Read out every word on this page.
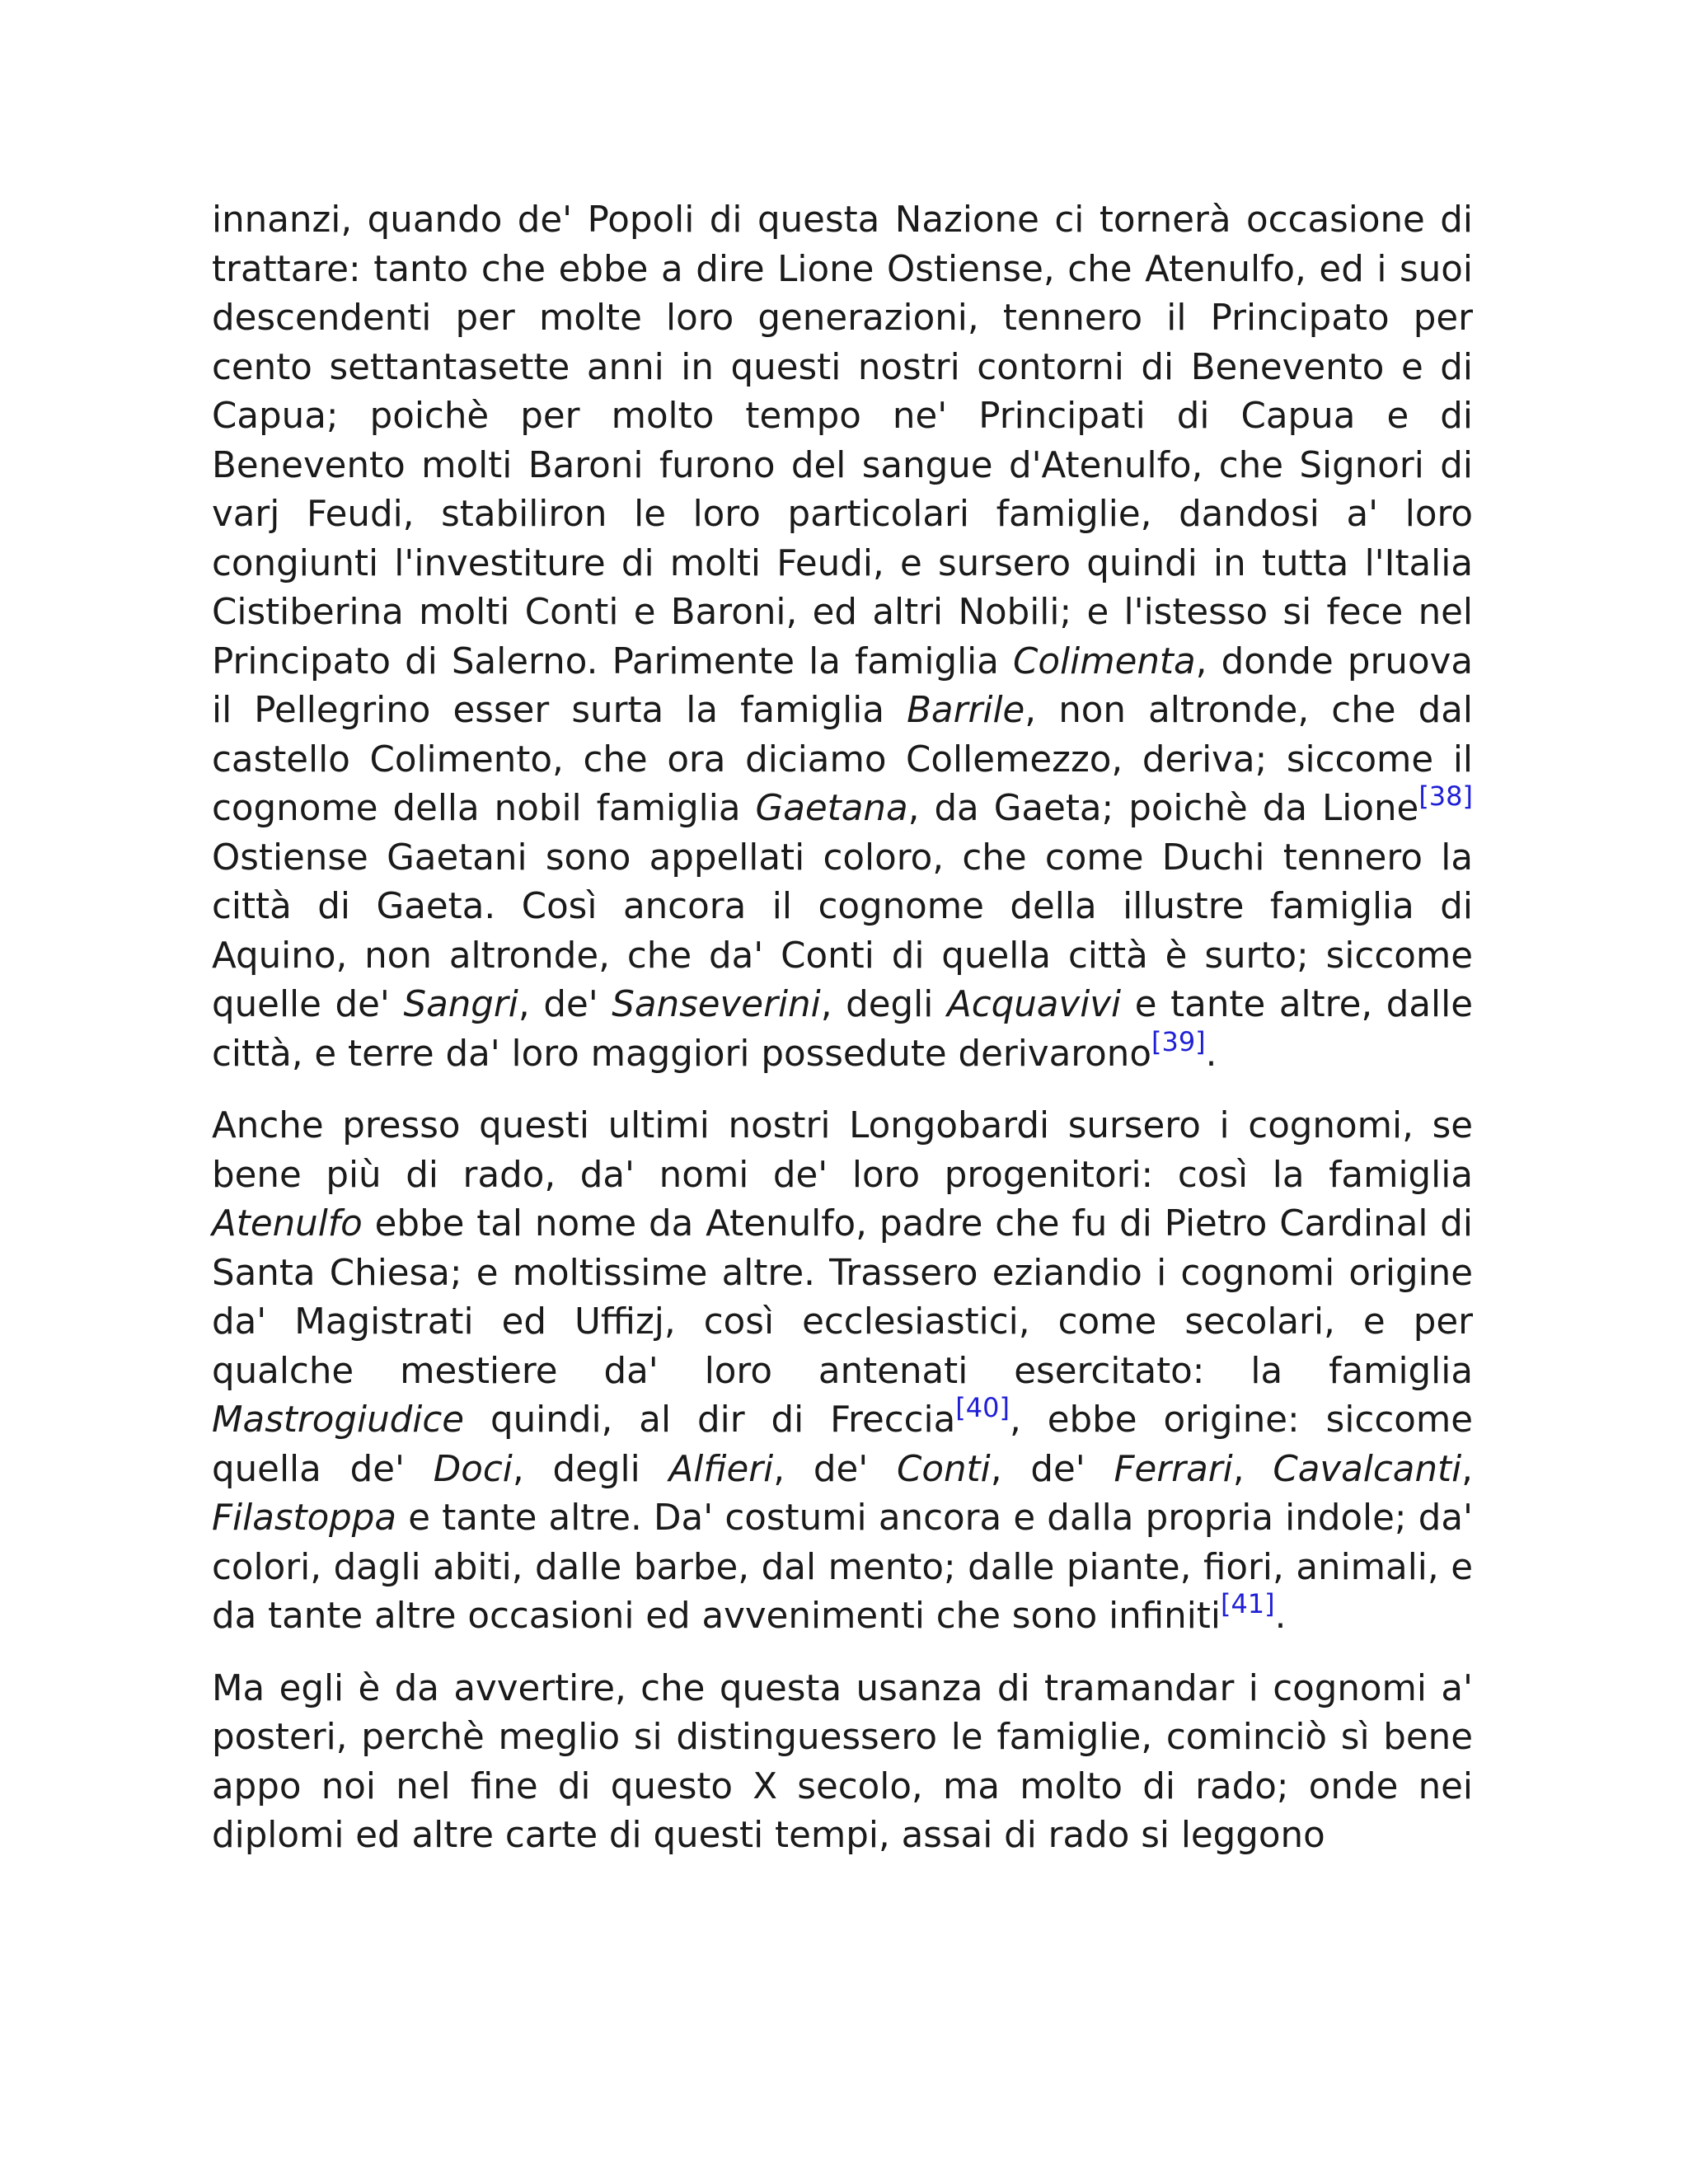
innanzi, quando de' Popoli di questa Nazione ci tornerà occasione di trattare: tanto che ebbe a dire Lione Ostiense, che Atenulfo, ed i suoi descendenti per molte loro generazioni, tennero il Principato per cento settantasette anni in questi nostri contorni di Benevento e di Capua; poichè per molto tempo ne' Principati di Capua e di Benevento molti Baroni furono del sangue d'Atenulfo, che Signori di varj Feudi, stabiliron le loro particolari famiglie, dandosi a' loro congiunti l'investiture di molti Feudi, e sursero quindi in tutta l'Italia Cistiberina molti Conti e Baroni, ed altri Nobili; e l'istesso si fece nel Principato di Salerno. Parimente la famiglia Colimenta, donde pruova il Pellegrino esser surta la famiglia Barrile, non altronde, che dal castello Colimento, che ora diciamo Collemezzo, deriva; siccome il cognome della nobil famiglia Gaetana, da Gaeta; poichè da Lione[38] Ostiense Gaetani sono appellati coloro, che come Duchi tennero la città di Gaeta. Così ancora il cognome della illustre famiglia di Aquino, non altronde, che da' Conti di quella città è surto; siccome quelle de' Sangri, de' Sanseverini, degli Acquavivi e tante altre, dalle città, e terre da' loro maggiori possedute derivarono[39].

Anche presso questi ultimi nostri Longobardi sursero i cognomi, se bene più di rado, da' nomi de' loro progenitori: così la famiglia Atenulfo ebbe tal nome da Atenulfo, padre che fu di Pietro Cardinal di Santa Chiesa; e moltissime altre. Trassero eziandio i cognomi origine da' Magistrati ed Uffizj, così ecclesiastici, come secolari, e per qualche mestiere da' loro antenati esercitato: la famiglia Mastrogiudice quindi, al dir di Freccia[40], ebbe origine: siccome quella de' Doci, degli Alfieri, de' Conti, de' Ferrari, Cavalcanti, Filastoppa e tante altre. Da' costumi ancora e dalla propria indole; da' colori, dagli abiti, dalle barbe, dal mento; dalle piante, fiori, animali, e da tante altre occasioni ed avvenimenti che sono infiniti[41].

Ma egli è da avvertire, che questa usanza di tramandar i cognomi a' posteri, perchè meglio si distinguessero le famiglie, cominciò sì bene appo noi nel fine di questo X secolo, ma molto di rado; onde nei diplomi ed altre carte di questi tempi, assai di rado si leggono
